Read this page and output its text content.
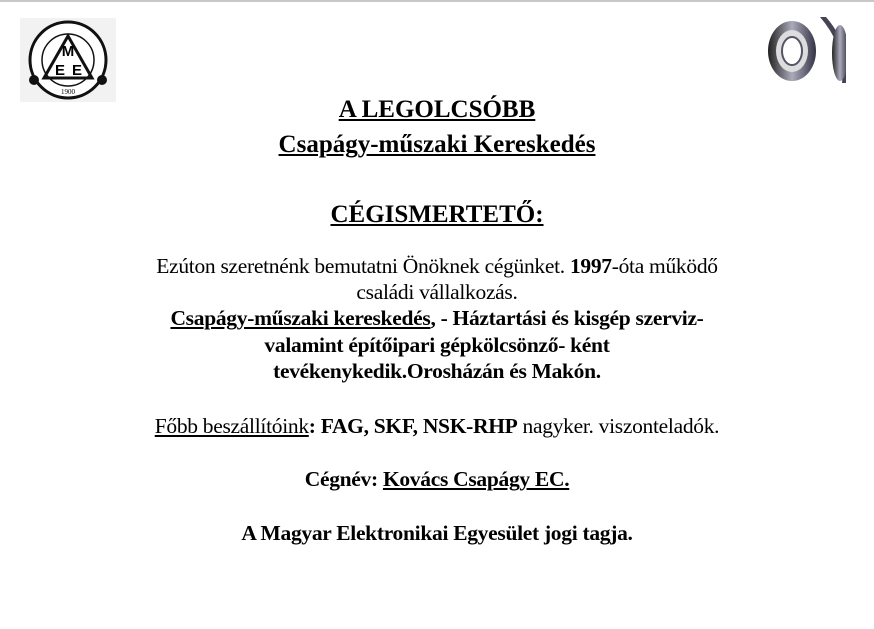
M
E E
1900
A LEGOLCSÓBB
Csapágy-műszaki Kereskedés
CÉGISMERTETŐ:
Ezúton szeretnénk bemutatni Önöknek cégünket. 1997-óta működő
családi vállalkozás.
Csapágy-műszaki kereskedés, - Háztartási és kisgép szerviz-
valamint építőipari gépkölcsönző- ként
tevékenykedik.Orosházán és Makón.
Főbb beszállítóink: FAG, SKF, NSK-RHP nagyker. viszonteladók.
Cégnév: Kovács Csapágy EC.
A Magyar Elektronikai Egyesület jogi tagja.
